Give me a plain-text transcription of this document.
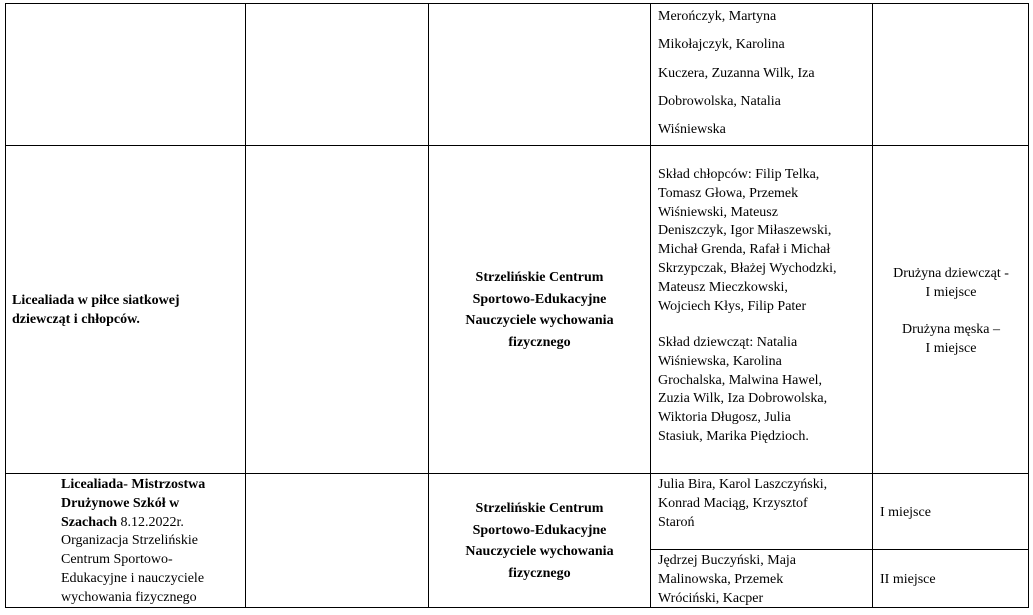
Merończyk, Martyna
Mikołajczyk, Karolina
Kuczera, Zuzanna Wilk, Iza
Dobrowolska, Natalia
Wiśniewska

Licealiada w piłce siatkowej
dziewcząt i chłopców.

Strzelińskie Centrum
Sportowo-Edukacyjne
Nauczyciele wychowania
fizycznego

Skład chłopców: Filip Telka,
Tomasz Głowa, Przemek
Wiśniewski, Mateusz
Deniszczyk, Igor Miłaszewski,
Michał Grenda, Rafał i Michał
Skrzypczak, Błażej Wychodzki,
Mateusz Mieczkowski,
Wojciech Kłys, Filip Pater

Skład dziewcząt: Natalia
Wiśniewska, Karolina
Grochalska, Malwina Hawel,
Zuzia Wilk, Iza Dobrowolska,
Wiktoria Długosz, Julia
Stasiuk, Marika Piędzioch.

Drużyna dziewcząt -
I miejsce

Drużyna męska –
I miejsce

Licealiada- Mistrzostwa
Drużynowe Szkół w
Szachach 8.12.2022r.
Organizacja Strzelińskie
Centrum Sportowo-
Edukacyjne i nauczyciele
wychowania fizycznego

Strzelińskie Centrum
Sportowo-Edukacyjne
Nauczyciele wychowania
fizycznego

Julia Bira, Karol Laszczyński,
Konrad Maciąg, Krzysztof
Staroń

Jędrzej Buczyński, Maja
Malinowska, Przemek
Wróciński, Kacper

I miejsce

II miejsce
